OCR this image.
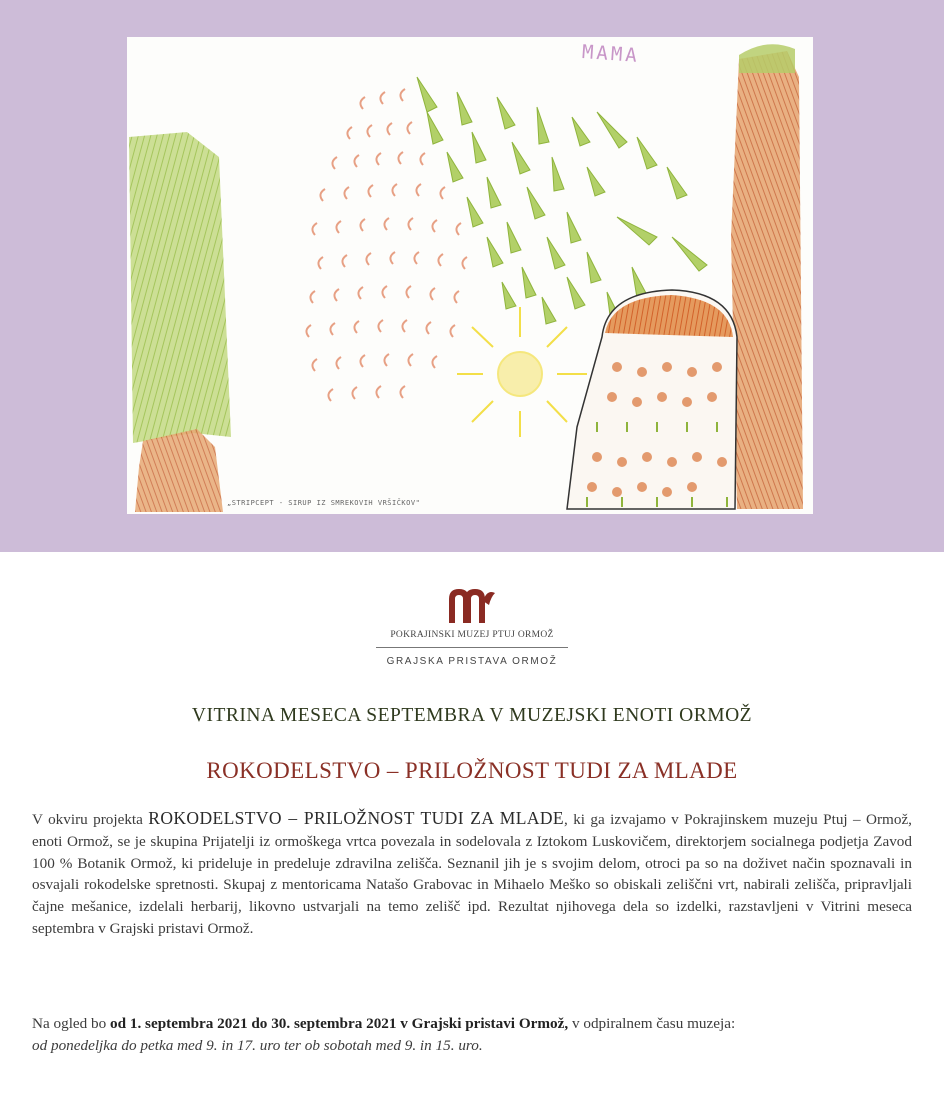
MAMA
„STRIPCEPT - SIRUP IZ SMREKOVIH VRŠIČKOV"
POKRAJINSKI MUZEJ PTUJ ORMOŽ
GRAJSKA PRISTAVA ORMOŽ
VITRINA MESECA SEPTEMBRA V MUZEJSKI ENOTI ORMOŽ
ROKODELSTVO – PRILOŽNOST TUDI ZA MLADE
V okviru projekta ROKODELSTVO – PRILOŽNOST TUDI ZA MLADE, ki ga izvajamo v Pokrajinskem muzeju Ptuj – Ormož, enoti Ormož, se je skupina Prijatelji iz ormoškega vrtca povezala in sodelovala z Iztokom Luskovičem, direktorjem socialnega podjetja Zavod 100 % Botanik Ormož, ki prideluje in predeluje zdravilna zelišča. Seznanil jih je s svojim delom, otroci pa so na doživet način spoznavali in osvajali rokodelske spretnosti. Skupaj z mentoricama Natašo Grabovac in Mihaelo Meško so obiskali zeliščni vrt, nabirali zelišča, pripravljali čajne mešanice, izdelali herbarij, likovno ustvarjali na temo zelišč ipd. Rezultat njihovega dela so izdelki, razstavljeni v Vitrini meseca septembra v Grajski pristavi Ormož.
Na ogled bo od 1. septembra 2021 do 30. septembra 2021 v Grajski pristavi Ormož, v odpiralnem času muzeja:
od ponedeljka do petka med 9. in 17. uro ter ob sobotah med 9. in 15. uro.
